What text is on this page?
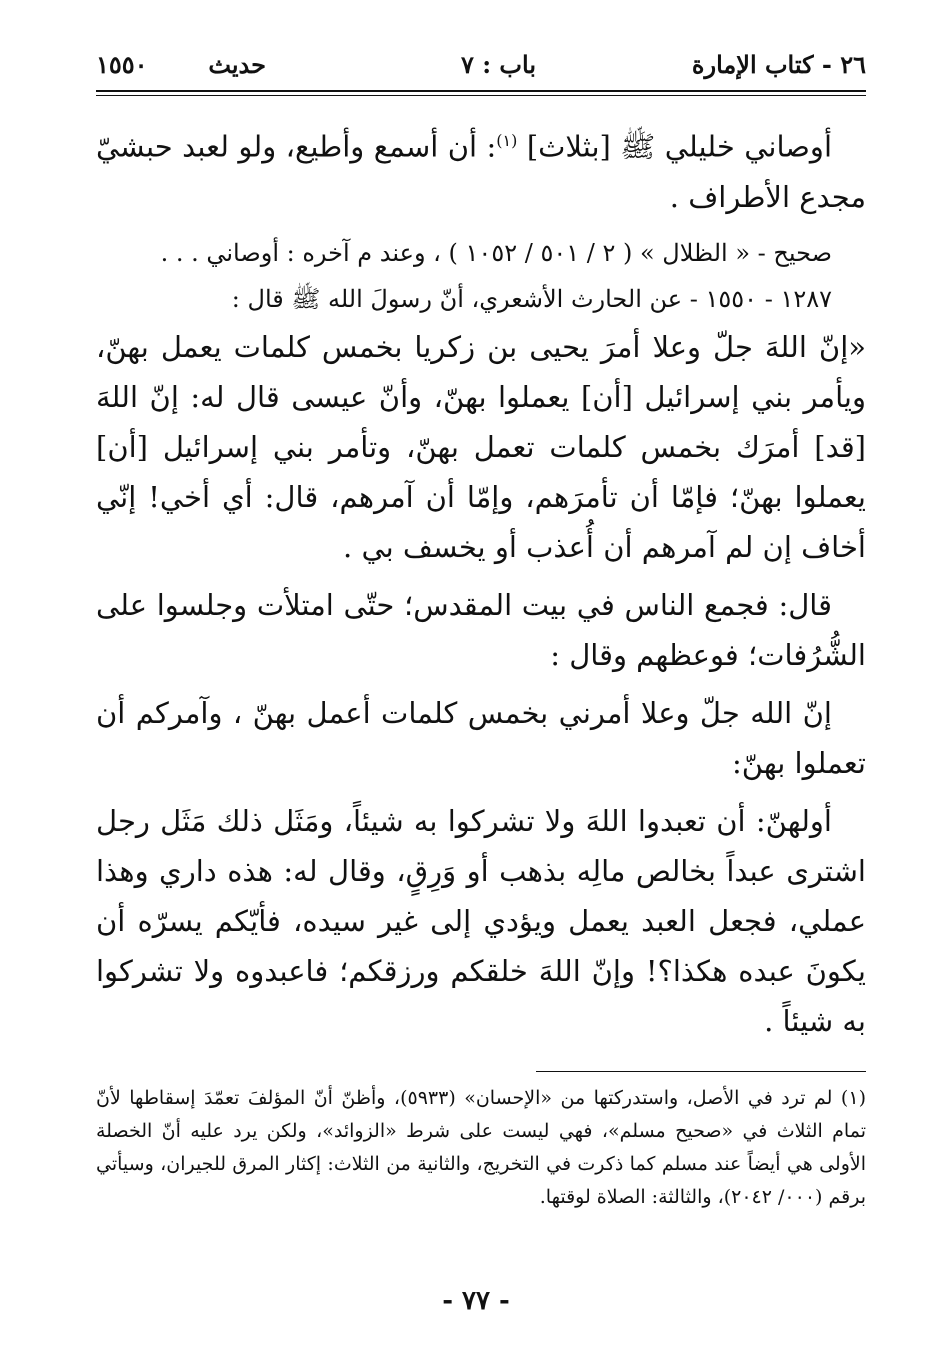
٢٦ - كتاب الإمارة
باب : ٧
حديث
١٥٥٠

أوصاني خليلي ﷺ [بثلاث] $^{(١)}$: أن أسمع وأطيع، ولو لعبد حبشيّ مجدع الأطراف .

صحيح - « الظلال » ( ٢ / ٥٠١ / ١٠٥٢ ) ، وعند م آخره : أوصاني . . .

١٢٨٧ - ١٥٥٠ - عن الحارث الأشعري، أنّ رسولَ الله ﷺ قال :

«إنّ اللهَ جلّ وعلا أمرَ يحيى بن زكريا بخمس كلمات يعمل بهنّ، ويأمر بني إسرائيل [أن] يعملوا بهنّ، وأنّ عيسى قال له: إنّ اللهَ [قد] أمرَك بخمس كلمات تعمل بهنّ، وتأمر بني إسرائيل [أن] يعملوا بهنّ؛ فإمّا أن تأمرَهم، وإمّا أن آمرهم، قال: أي أخي! إنّي أخاف إن لم آمرهم أن أُعذب أو يخسف بي .

قال: فجمع الناس في بيت المقدس؛ حتّى امتلأت وجلسوا على الشُّرُفات؛ فوعظهم وقال :

إنّ الله جلّ وعلا أمرني بخمس كلمات أعمل بهنّ ، وآمركم أن تعملوا بهنّ:

أولهنّ: أن تعبدوا اللهَ ولا تشركوا به شيئاً، ومَثَل ذلك مَثَل رجل اشترى عبداً بخالص مالِه بذهب أو وَرِقٍ، وقال له: هذه داري وهذا عملي، فجعل العبد يعمل ويؤدي إلى غير سيده، فأيّكم يسرّه أن يكونَ عبده هكذا؟! وإنّ اللهَ خلقكم ورزقكم؛ فاعبدوه ولا تشركوا به شيئاً .

(١) لم ترد في الأصل، واستدركتها من «الإحسان» (٥٩٣٣)، وأظنّ أنّ المؤلفَ تعمّدَ إسقاطها لأنّ تمام الثلاث في «صحيح مسلم»، فهي ليست على شرط «الزوائد»، ولكن يرد عليه أنّ الخصلة الأولى هي أيضاً عند مسلم كما ذكرت في التخريج، والثانية من الثلاث: إكثار المرق للجيران، وسيأتي برقم (٠٠٠/ ٢٠٤٢)، والثالثة: الصلاة لوقتها.

- ٧٧ -
